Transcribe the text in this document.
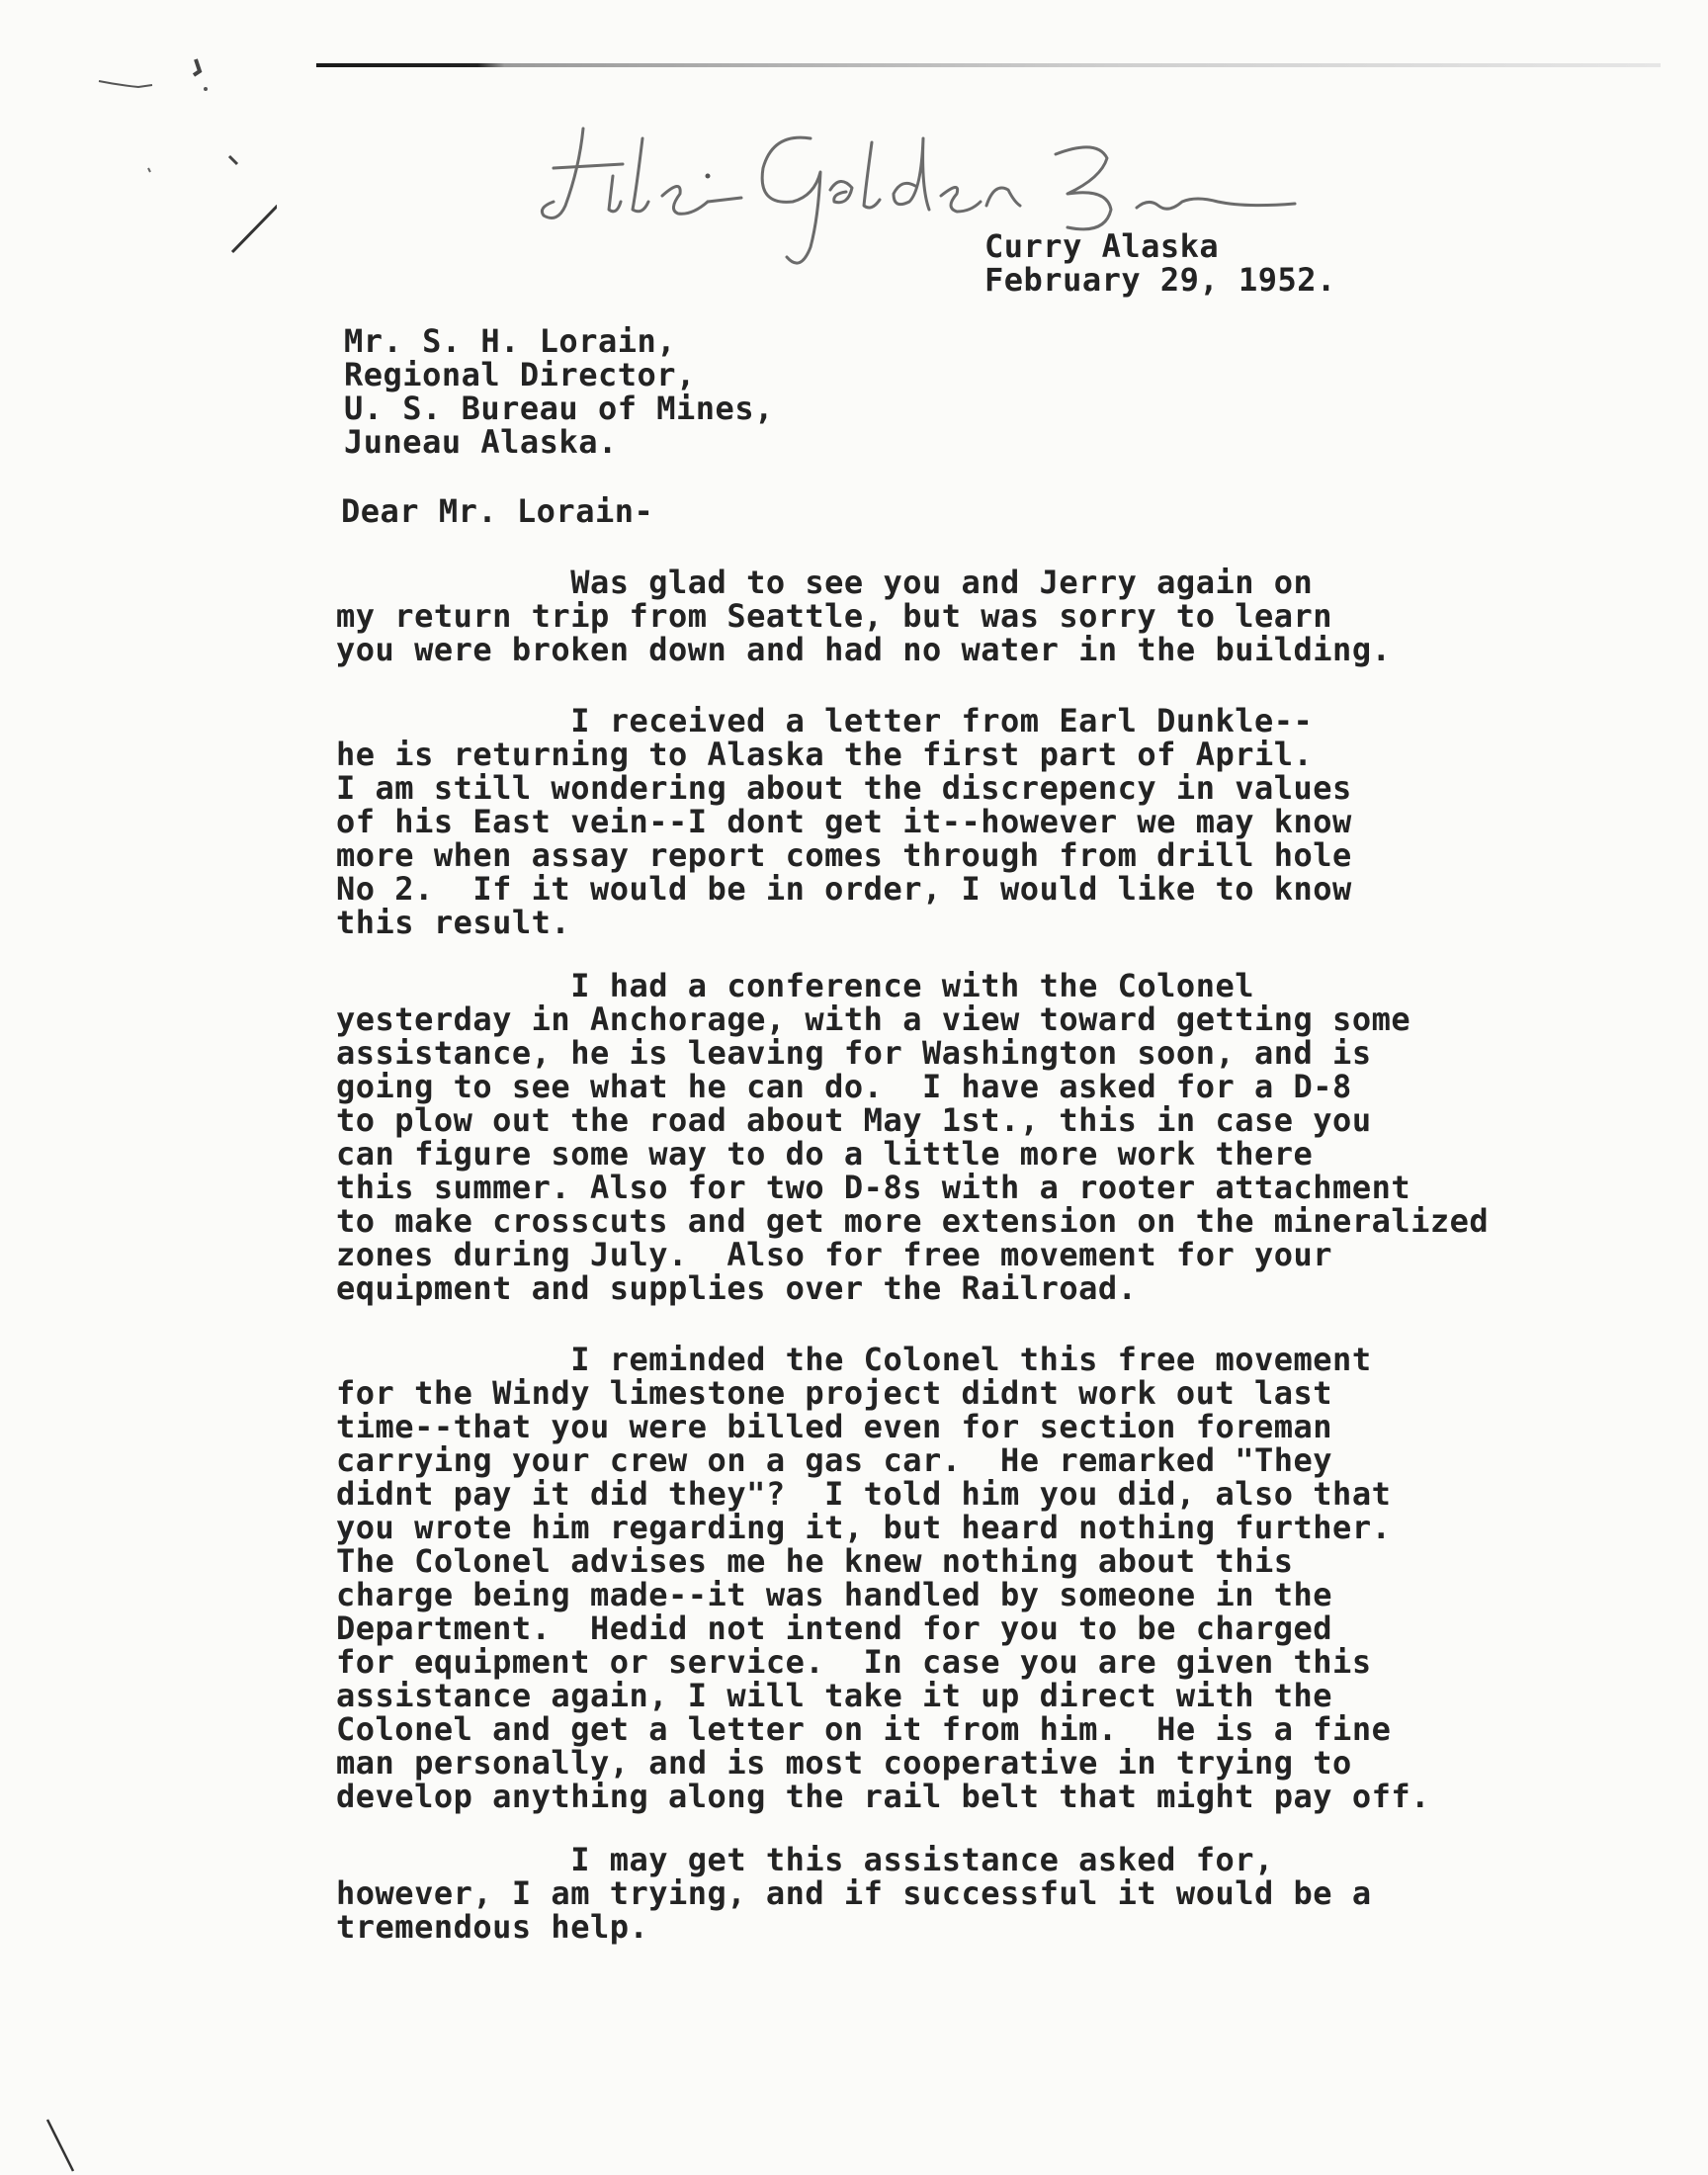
Curry Alaska
February 29, 1952.
Mr. S. H. Lorain,
Regional Director,
U. S. Bureau of Mines,
Juneau Alaska.
Dear Mr. Lorain-
Was glad to see you and Jerry again on
my return trip from Seattle, but was sorry to learn
you were broken down and had no water in the building.
I received a letter from Earl Dunkle--
he is returning to Alaska the first part of April.
I am still wondering about the discrepency in values
of his East vein--I dont get it--however we may know
more when assay report comes through from drill hole
No 2.  If it would be in order, I would like to know
this result.
I had a conference with the Colonel
yesterday in Anchorage, with a view toward getting some
assistance, he is leaving for Washington soon, and is
going to see what he can do.  I have asked for a D-8
to plow out the road about May 1st., this in case you
can figure some way to do a little more work there
this summer. Also for two D-8s with a rooter attachment
to make crosscuts and get more extension on the mineralized
zones during July.  Also for free movement for your
equipment and supplies over the Railroad.
I reminded the Colonel this free movement
for the Windy limestone project didnt work out last
time--that you were billed even for section foreman
carrying your crew on a gas car.  He remarked "They
didnt pay it did they"?  I told him you did, also that
you wrote him regarding it, but heard nothing further.
The Colonel advises me he knew nothing about this
charge being made--it was handled by someone in the
Department.  Hedid not intend for you to be charged
for equipment or service.  In case you are given this
assistance again, I will take it up direct with the
Colonel and get a letter on it from him.  He is a fine
man personally, and is most cooperative in trying to
develop anything along the rail belt that might pay off.
I may get this assistance asked for,
however, I am trying, and if successful it would be a
tremendous help.
